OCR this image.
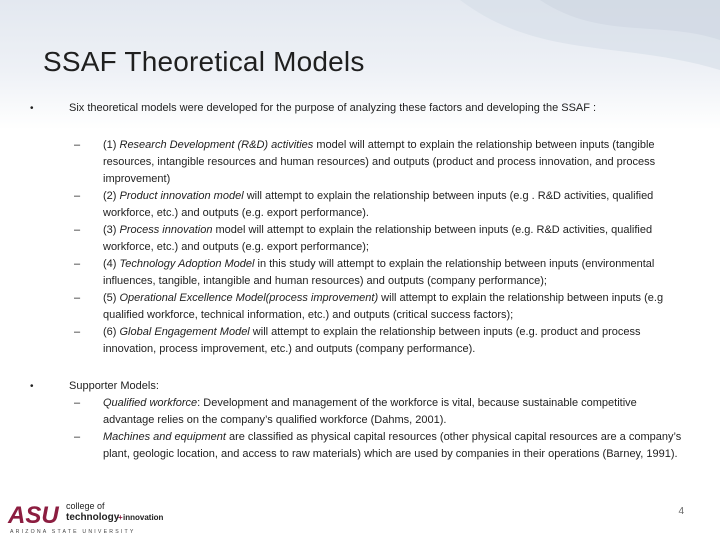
SSAF Theoretical Models
•	Six theoretical models were developed for the purpose of analyzing these factors and developing the SSAF :
– (1) Research Development (R&D) activities model will attempt to explain the relationship between inputs (tangible resources, intangible resources and human resources) and outputs (product and process innovation, and process improvement)
– (2) Product innovation model will attempt to explain the relationship between inputs (e.g . R&D activities, qualified workforce, etc.) and outputs (e.g. export performance).
– (3) Process innovation model will attempt to explain the relationship between inputs (e.g. R&D activities, qualified workforce, etc.) and outputs (e.g. export performance);
– (4) Technology Adoption Model in this study will attempt to explain the relationship between inputs (environmental influences, tangible, intangible and human resources) and outputs (company performance);
– (5) Operational Excellence Model(process improvement) will attempt to explain the relationship between inputs (e.g qualified workforce, technical information, etc.) and outputs (critical success factors);
– (6) Global Engagement Model will attempt to explain the relationship between inputs (e.g. product and process innovation, process improvement, etc.) and outputs (company performance).
•	Supporter Models:
– Qualified workforce: Development and management of the workforce is vital, because sustainable competitive advantage relies on the company’s qualified workforce (Dahms, 2001).
– Machines and equipment are classified as physical capital resources (other physical capital resources are a company’s plant, geologic location, and access to raw materials) which are used by companies in their operations (Barney, 1991).
ASU college of
technology
+ innovation
ARIZONA STATE UNIVERSITY
4
